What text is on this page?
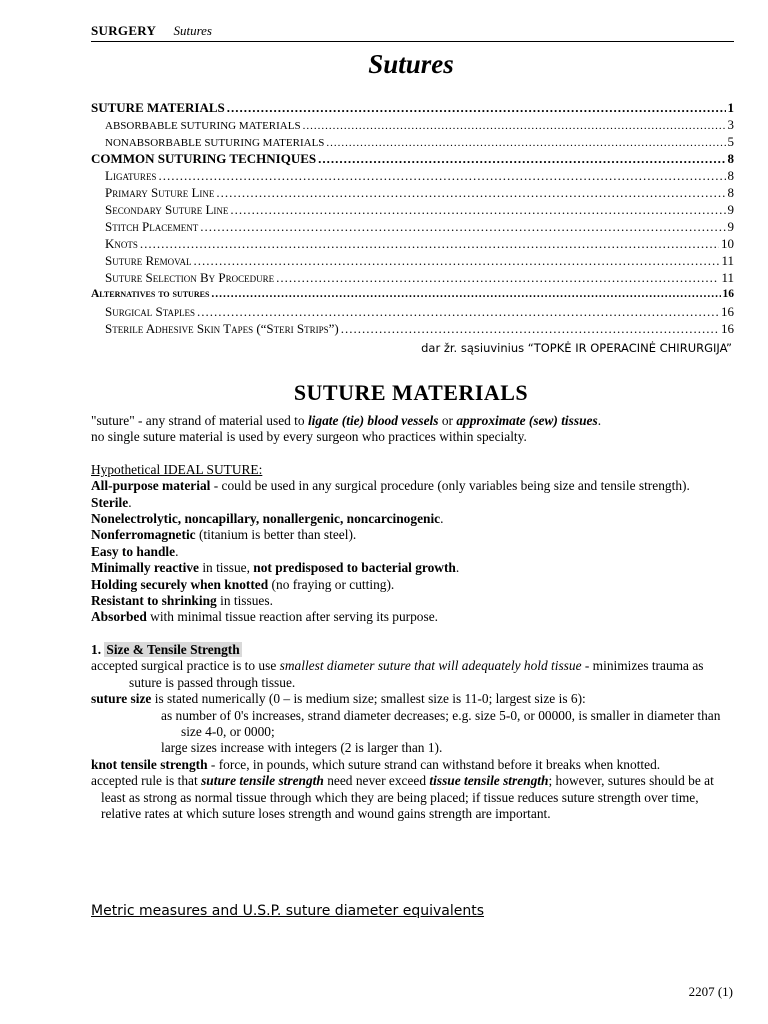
SURGERY Sutures
Sutures
SUTURE MATERIALS .....	1
ABSORBABLE SUTURING MATERIALS .....	3
NONABSORBABLE SUTURING MATERIALS .....	5
COMMON SUTURING TECHNIQUES .....	8
Ligatures .....	8
Primary Suture Line .....	8
Secondary Suture Line .....	9
Stitch Placement .....	9
Knots .....	10
Suture Removal .....	11
Suture Selection By Procedure .....	11
Alternatives to sutures .....	16
Surgical Staples .....	16
Sterile Adhesive Skin Tapes (“Steri Strips”) .....	16
dar žr. sąsiuvinius “TOPKĖ IR OPERACINĖ CHIRURGIJA”
SUTURE MATERIALS

"suture" - any strand of material used to ligate (tie) blood vessels or approximate (sew) tissues.

no single suture material is used by every surgeon who practices within specialty.

Hypothetical IDEAL SUTURE:

All-purpose material - could be used in any surgical procedure (only variables being size and tensile strength).

Sterile.

Nonelectrolytic, noncapillary, nonallergenic, noncarcinogenic.

Nonferromagnetic (titanium is better than steel).

Easy to handle.

Minimally reactive in tissue, not predisposed to bacterial growth.

Holding securely when knotted (no fraying or cutting).

Resistant to shrinking in tissues.

Absorbed with minimal tissue reaction after serving its purpose.

1. Size & Tensile Strength

accepted surgical practice is to use smallest diameter suture that will adequately hold tissue - minimizes trauma as suture is passed through tissue.

suture size is stated numerically (0 – is medium size; smallest size is 11-0; largest size is 6):

as number of 0's increases, strand diameter decreases; e.g. size 5-0, or 00000, is smaller in diameter than size 4-0, or 0000;

large sizes increase with integers (2 is larger than 1).

knot tensile strength - force, in pounds, which suture strand can withstand before it breaks when knotted.

accepted rule is that suture tensile strength need never exceed tissue tensile strength; however, sutures should be at least as strong as normal tissue through which they are being placed; if tissue reduces suture strength over time, relative rates at which suture loses strength and wound gains strength are important.

Metric measures and U.S.P. suture diameter equivalents
2207 (1)
